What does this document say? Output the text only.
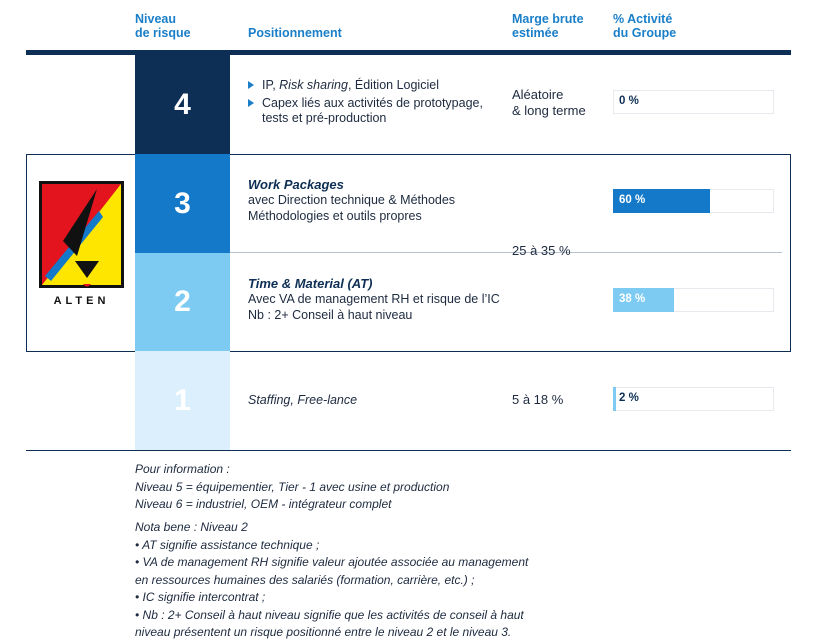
Niveau
de risque	Positionnement
Marge brute
estimée
% Activité
du Groupe
4
3
2
1
ALTEN
IP, Risk sharing, Édition Logiciel
Capex liés aux activités de prototypage, tests et pré-production
Aléatoire
& long terme
Work Packages
avec Direction technique & Méthodes
Méthodologies et outils propres
Time & Material (AT)
Avec VA de management RH et risque de l’IC
Nb : 2+ Conseil à haut niveau
25 à 35 %
Staffing, Free-lance	5 à 18 %
0 %
60 %
38 %
2 %
Pour information :
Niveau 5 = équipementier, Tier - 1 avec usine et production
Niveau 6 = industriel, OEM - intégrateur complet
Nota bene : Niveau 2
• AT signifie assistance technique ;
• VA de management RH signifie valeur ajoutée associée au management
en ressources humaines des salariés (formation, carrière, etc.) ;
• IC signifie intercontrat ;
• Nb : 2+ Conseil à haut niveau signifie que les activités de conseil à haut
niveau présentent un risque positionné entre le niveau 2 et le niveau 3.
